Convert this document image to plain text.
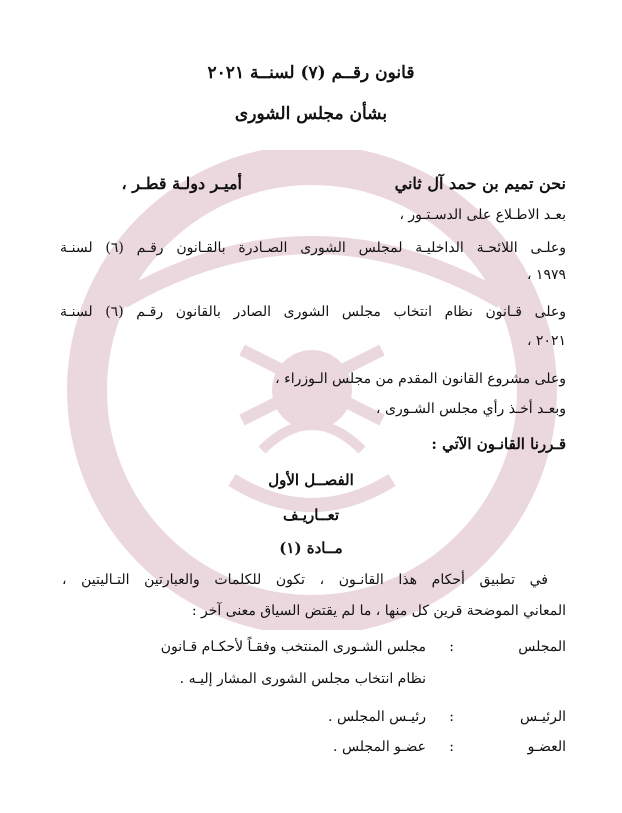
قانون رقــم (٧) لسنــة ٢٠٢١
بشأن مجلس الشورى
نحن تميم بن حمد آل ثاني
أميـر دولـة قطـر ،
بعـد الاطـلاع على الدسـتـور ،
وعلـى اللائحـة الداخليـة لمجلس الشورى الصـادرة بالقـانون رقـم (٦) لسنـة
١٩٧٩ ،
وعلى قـانون نظام انتخاب مجلس الشورى الصادر بالقانون رقـم (٦) لسنـة
٢٠٢١ ،
وعلى مشروع القانون المقدم من مجلس الـوزراء ،
وبعـد أخـذ رأي مجلس الشـورى ،
قـررنا القانـون الآتي :
الفصــل الأول
تعــاريـف
مــادة (١)
في تطبيق أحكام هذا القانـون ، تكون للكلمات والعبارتين التـاليتين ،
المعاني الموضحة قرين كل منها ، ما لم يقتض السياق معنى آخر :
المجلس
:
مجلس الشـورى المنتخب وفقـاً لأحكـام قـانون
نظام انتخاب مجلس الشورى المشار إليـه .
الرئيـس
:
رئيـس المجلس .
العضـو
:
عضـو المجلس .
